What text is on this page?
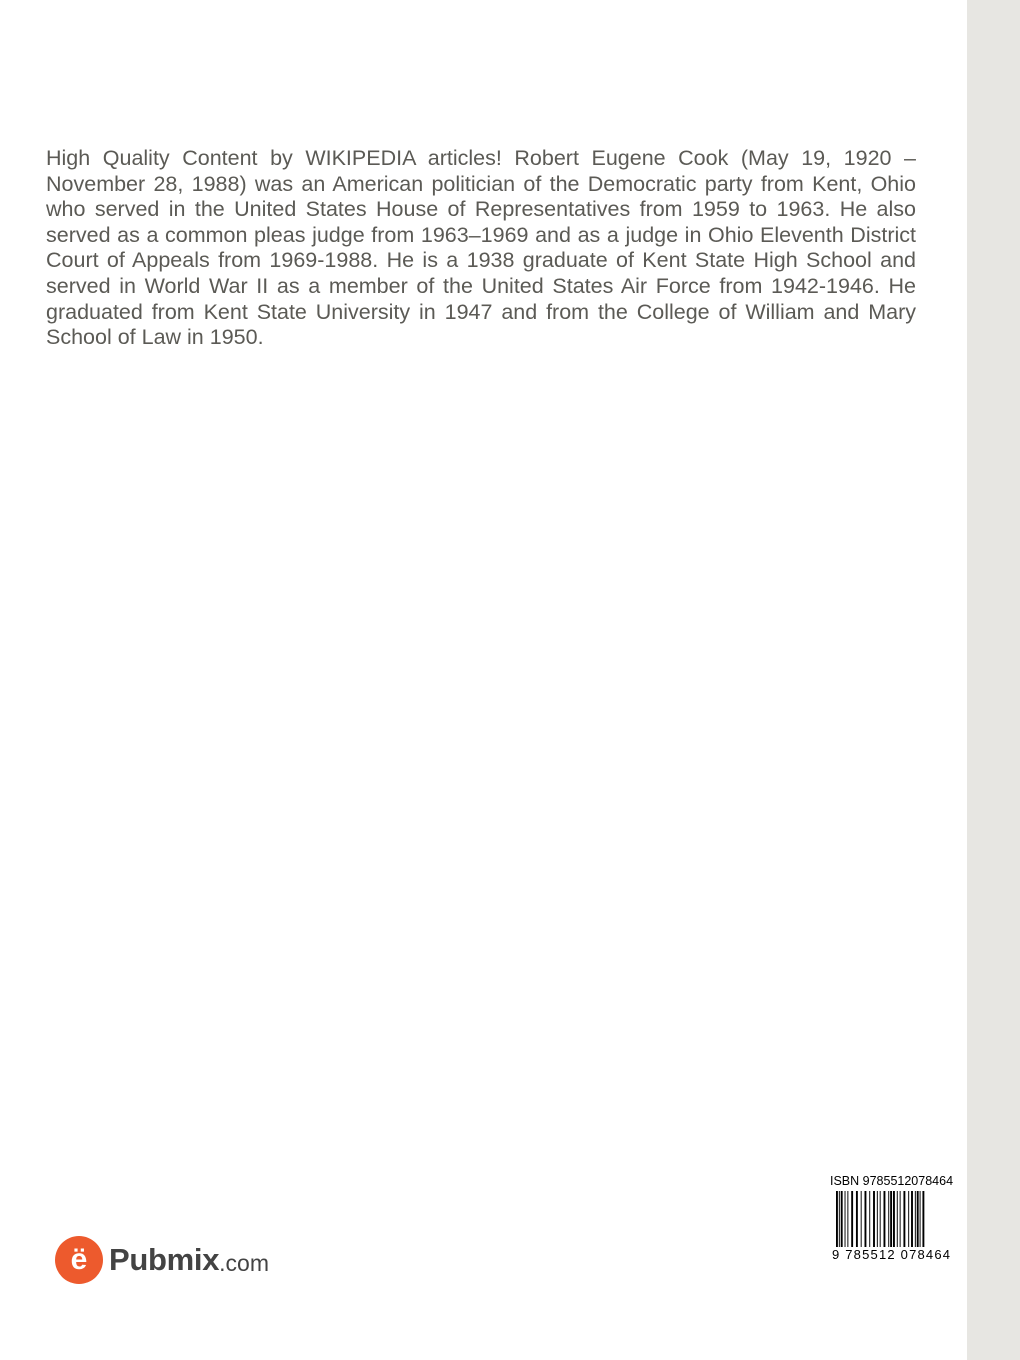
High Quality Content by WIKIPEDIA articles! Robert Eugene Cook (May 19, 1920 – November 28, 1988) was an American politician of the Democratic party from Kent, Ohio who served in the United States House of Representatives from 1959 to 1963. He also served as a common pleas judge from 1963–1969 and as a judge in Ohio Eleventh District Court of Appeals from 1969-1988. He is a 1938 graduate of Kent State High School and served in World War II as a member of the United States Air Force from 1942-1946. He graduated from Kent State University in 1947 and from the College of William and Mary School of Law in 1950.

ë Pubmix .com
ISBN 9785512078464
9 785512 078464
